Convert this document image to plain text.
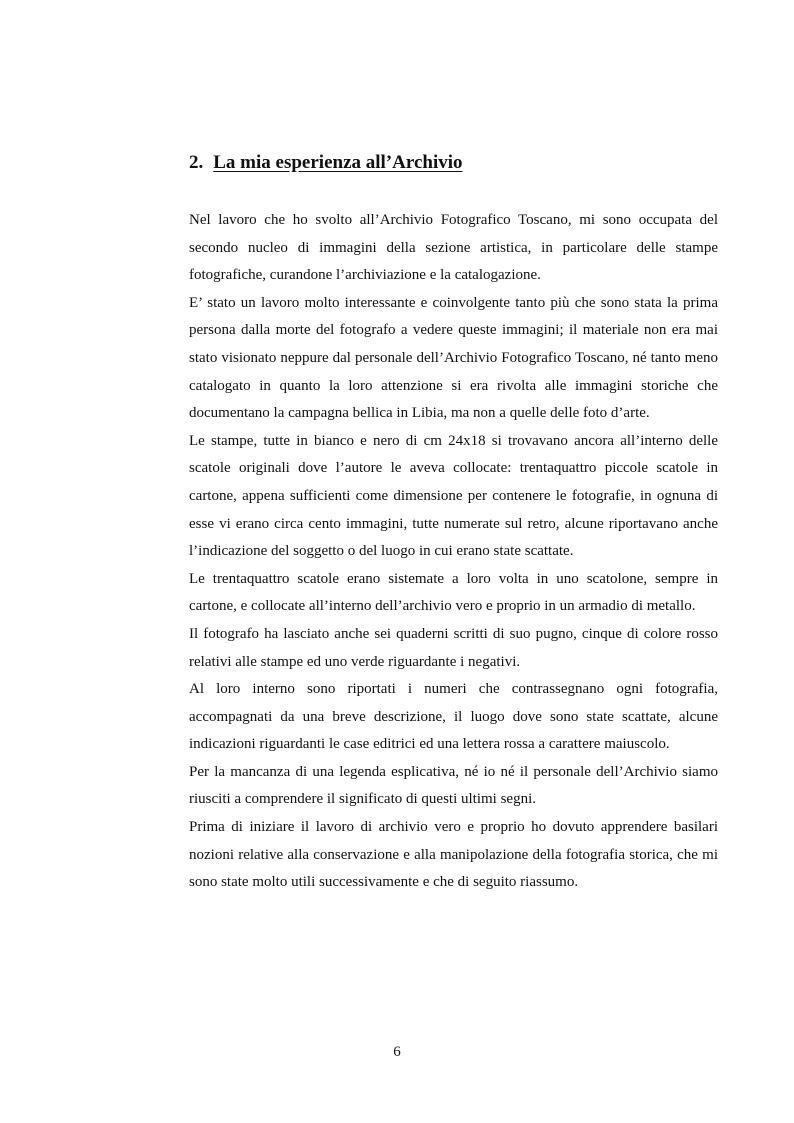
2. La mia esperienza all’Archivio

Nel lavoro che ho svolto all’Archivio Fotografico Toscano, mi sono occupata del secondo nucleo di immagini della sezione artistica, in particolare delle stampe fotografiche, curandone l’archiviazione e la catalogazione.

E’ stato un lavoro molto interessante e coinvolgente tanto più che sono stata la prima persona dalla morte del fotografo a vedere queste immagini; il materiale non era mai stato visionato neppure dal personale dell’Archivio Fotografico Toscano, né tanto meno catalogato in quanto la loro attenzione si era rivolta alle immagini storiche che documentano la campagna bellica in Libia, ma non a quelle delle foto d’arte.

Le stampe, tutte in bianco e nero di cm 24x18 si trovavano ancora all’interno delle scatole originali dove l’autore le aveva collocate: trentaquattro piccole scatole in cartone, appena sufficienti come dimensione per contenere le fotografie, in ognuna di esse vi erano circa cento immagini, tutte numerate sul retro, alcune riportavano anche l’indicazione del soggetto o del luogo in cui erano state scattate.

Le trentaquattro scatole erano sistemate a loro volta in uno scatolone, sempre in cartone, e collocate all’interno dell’archivio vero e proprio in un armadio di metallo.

Il fotografo ha lasciato anche sei quaderni scritti di suo pugno, cinque di colore rosso relativi alle stampe ed uno verde riguardante i negativi.

Al loro interno sono riportati i numeri che contrassegnano ogni fotografia, accompagnati da una breve descrizione, il luogo dove sono state scattate, alcune indicazioni riguardanti le case editrici ed una lettera rossa a carattere maiuscolo.

Per la mancanza di una legenda esplicativa, né io né il personale dell’Archivio siamo riusciti a comprendere il significato di questi ultimi segni.

Prima di iniziare il lavoro di archivio vero e proprio ho dovuto apprendere basilari nozioni relative alla conservazione e alla manipolazione della fotografia storica, che mi sono state molto utili successivamente e che di seguito riassumo.

6
